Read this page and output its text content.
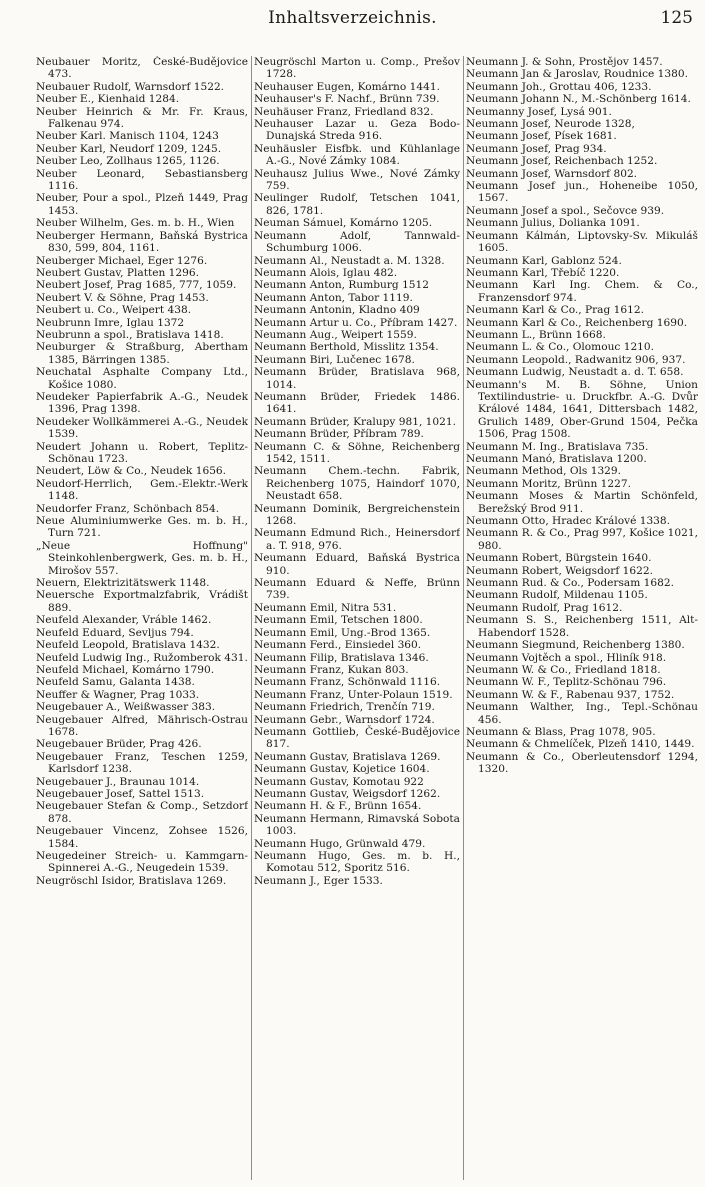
Inhaltsverzeichnis.	125

Neubauer Moritz, České-Budějovice 473.

Neubauer Rudolf, Warnsdorf 1522.

Neuber E., Kienhaid 1284.

Neuber Heinrich & Mr. Fr. Kraus, Falkenau 974.

Neuber Karl. Manisch 1104, 1243

Neuber Karl, Neudorf 1209, 1245.

Neuber Leo, Zollhaus 1265, 1126.

Neuber Leonard, Sebastiansberg 1116.

Neuber, Pour a spol., Plzeň 1449, Prag 1453.

Neuber Wilhelm, Ges. m. b. H., Wien

Neuberger Hermann, Baňská Bystrica 830, 599, 804, 1161.

Neuberger Michael, Eger 1276.

Neubert Gustav, Platten 1296.

Neubert Josef, Prag 1685, 777, 1059.

Neubert V. & Söhne, Prag 1453.

Neubert u. Co., Weipert 438.

Neubrunn Imre, Iglau 1372

Neubrunn a spol., Bratislava 1418.

Neuburger & Straßburg, Abertham 1385, Bärringen 1385.

Neuchatal Asphalte Company Ltd., Košice 1080.

Neudeker Papierfabrik A.-G., Neudek 1396, Prag 1398.

Neudeker Wollkämmerei A.-G., Neudek 1539.

Neudert Johann u. Robert, Teplitz-Schönau 1723.

Neudert, Löw & Co., Neudek 1656.

Neudorf-Herrlich, Gem.-Elektr.-Werk 1148.

Neudorfer Franz, Schönbach 854.

Neue Aluminiumwerke Ges. m. b. H., Turn 721.

„Neue Hoffnung" Steinkohlenbergwerk, Ges. m. b. H., Mirošov 557.

Neuern, Elektrizitätswerk 1148.

Neuersche Exportmalzfabrik, Vrádišt 889.

Neufeld Alexander, Vráble 1462.

Neufeld Eduard, Sevljus 794.

Neufeld Leopold, Bratislava 1432.

Neufeld Ludwig Ing., Ružomberok 431.

Neufeld Michael, Komárno 1790.

Neufeld Samu, Galanta 1438.

Neuffer & Wagner, Prag 1033.

Neugebauer A., Weißwasser 383.

Neugebauer Alfred, Mährisch-Ostrau 1678.

Neugebauer Brüder, Prag 426.

Neugebauer Franz, Teschen 1259, Karlsdorf 1238.

Neugebauer J., Braunau 1014.

Neugebauer Josef, Sattel 1513.

Neugebauer Stefan & Comp., Setzdorf 878.

Neugebauer Vincenz, Zohsee 1526, 1584.

Neugedeiner Streich- u. Kammgarn-Spinnerei A.-G., Neugedein 1539.

Neugröschl Isidor, Bratislava 1269.

Neugröschl Marton u. Comp., Prešov 1728.

Neuhauser Eugen, Komárno 1441.

Neuhauser's F. Nachf., Brünn 739.

Neuhäuser Franz, Friedland 832.

Neuhauser Lazar u. Geza Bodo-Dunajská Streda 916.

Neuhäusler Eisfbk. und Kühlanlage A.-G., Nové Zámky 1084.

Neuhausz Julius Wwe., Nové Zámky 759.

Neulinger Rudolf, Tetschen 1041, 826, 1781.

Neuman Sámuel, Komárno 1205.

Neumann Adolf, Tannwald-Schumburg 1006.

Neumann Al., Neustadt a. M. 1328.

Neumann Alois, Iglau 482.

Neumann Anton, Rumburg 1512

Neumann Anton, Tabor 1119.

Neumann Antonin, Kladno 409

Neumann Artur u. Co., Příbram 1427.

Neumann Aug., Weipert 1559.

Neumann Berthold, Misslitz 1354.

Neumann Biri, Lučenec 1678.

Neumann Brüder, Bratislava 968, 1014.

Neumann Brüder, Friedek 1486. 1641.

Neumann Brüder, Kralupy 981, 1021.

Neumann Brüder, Příbram 789.

Neumann C. & Söhne, Reichenberg 1542, 1511.

Neumann Chem.-techn. Fabrik, Reichenberg 1075, Haindorf 1070, Neustadt 658.

Neumann Dominik, Bergreichenstein 1268.

Neumann Edmund Rich., Heinersdorf a. T. 918, 976.

Neumann Eduard, Baňská Bystrica 910.

Neumann Eduard & Neffe, Brünn 739.

Neumann Emil, Nitra 531.

Neumann Emil, Tetschen 1800.

Neumann Emil, Ung.-Brod 1365.

Neumann Ferd., Einsiedel 360.

Neumann Filip, Bratislava 1346.

Neumann Franz, Kukan 803.

Neumann Franz, Schönwald 1116.

Neumann Franz, Unter-Polaun 1519.

Neumann Friedrich, Trenčín 719.

Neumann Gebr., Warnsdorf 1724.

Neumann Gottlieb, České-Budějovice 817.

Neumann Gustav, Bratislava 1269.

Neumann Gustav, Kojetice 1604.

Neumann Gustav, Komotau 922

Neumann Gustav, Weigsdorf 1262.

Neumann H. & F., Brünn 1654.

Neumann Hermann, Rimavská Sobota 1003.

Neumann Hugo, Grünwald 479.

Neumann Hugo, Ges. m. b. H., Komotau 512, Sporitz 516.

Neumann J., Eger 1533.

Neumann J. & Sohn, Prostějov 1457.

Neumann Jan & Jaroslav, Roudnice 1380.

Neumann Joh., Grottau 406, 1233.

Neumann Johann N., M.-Schönberg 1614.

Neumanny Josef, Lysá 901.

Neumann Josef, Neurode 1328,

Neumann Josef, Písek 1681.

Neumann Josef, Prag 934.

Neumann Josef, Reichenbach 1252.

Neumann Josef, Warnsdorf 802.

Neumann Josef jun., Hoheneibe 1050, 1567.

Neumann Josef a spol., Sečovce 939.

Neumann Julius, Dolianka 1091.

Neumann Kálmán, Liptovsky-Sv. Mikuláš 1605.

Neumann Karl, Gablonz 524.

Neumann Karl, Třebíč 1220.

Neumann Karl Ing. Chem. & Co., Franzensdorf 974.

Neumann Karl & Co., Prag 1612.

Neumann Karl & Co., Reichenberg 1690.

Neumann L., Brünn 1668.

Neumann L. & Co., Olomouc 1210.

Neumann Leopold., Radwanitz 906, 937.

Neumann Ludwig, Neustadt a. d. T. 658.

Neumann's M. B. Söhne, Union Textilindustrie- u. Druckfbr. A.-G. Dvůr Králové 1484, 1641, Dittersbach 1482, Grulich 1489, Ober-Grund 1504, Pečka 1506, Prag 1508.

Neumann M. Ing., Bratislava 735.

Neumann Manó, Bratislava 1200.

Neumann Method, Ols 1329.

Neumann Moritz, Brünn 1227.

Neumann Moses & Martin Schönfeld, Berežský Brod 911.

Neumann Otto, Hradec Králové 1338.

Neumann R. & Co., Prag 997, Košice 1021, 980.

Neumann Robert, Bürgstein 1640.

Neumann Robert, Weigsdorf 1622.

Neumann Rud. & Co., Podersam 1682.

Neumann Rudolf, Mildenau 1105.

Neumann Rudolf, Prag 1612.

Neumann S. S., Reichenberg 1511, Alt-Habendorf 1528.

Neumann Siegmund, Reichenberg 1380.

Neumann Vojtěch a spol., Hliník 918.

Neumann W. & Co., Friedland 1818.

Neumann W. F., Teplitz-Schönau 796.

Neumann W. & F., Rabenau 937, 1752.

Neumann Walther, Ing., Tepl.-Schönau 456.

Neumann & Blass, Prag 1078, 905.

Neumann & Chmelíček, Plzeň 1410, 1449.

Neumann & Co., Oberleutensdorf 1294, 1320.
